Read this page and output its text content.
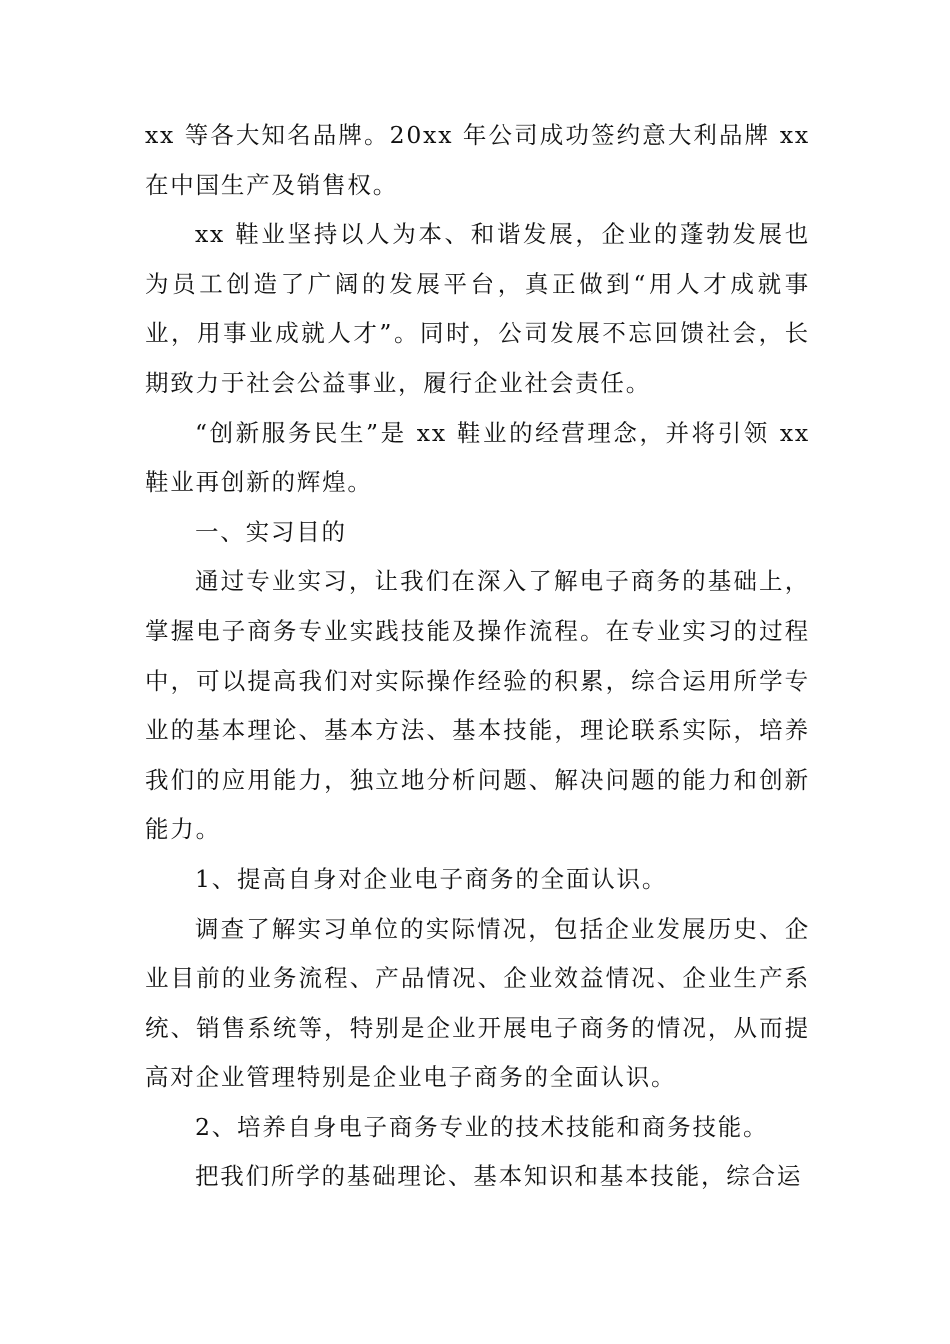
xx 等各大知名品牌。20xx 年公司成功签约意大利品牌 xx 在中国生产及销售权。

xx 鞋业坚持以人为本、和谐发展，企业的蓬勃发展也为员工创造了广阔的发展平台，真正做到“用人才成就事业，用事业成就人才”。同时，公司发展不忘回馈社会，长期致力于社会公益事业，履行企业社会责任。

“创新服务民生”是 xx 鞋业的经营理念，并将引领 xx 鞋业再创新的辉煌。

一、实习目的

通过专业实习，让我们在深入了解电子商务的基础上，掌握电子商务专业实践技能及操作流程。在专业实习的过程中，可以提高我们对实际操作经验的积累，综合运用所学专业的基本理论、基本方法、基本技能，理论联系实际，培养我们的应用能力，独立地分析问题、解决问题的能力和创新能力。

1、提高自身对企业电子商务的全面认识。

调查了解实习单位的实际情况，包括企业发展历史、企业目前的业务流程、产品情况、企业效益情况、企业生产系统、销售系统等，特别是企业开展电子商务的情况，从而提高对企业管理特别是企业电子商务的全面认识。

2、培养自身电子商务专业的技术技能和商务技能。

把我们所学的基础理论、基本知识和基本技能，综合运
